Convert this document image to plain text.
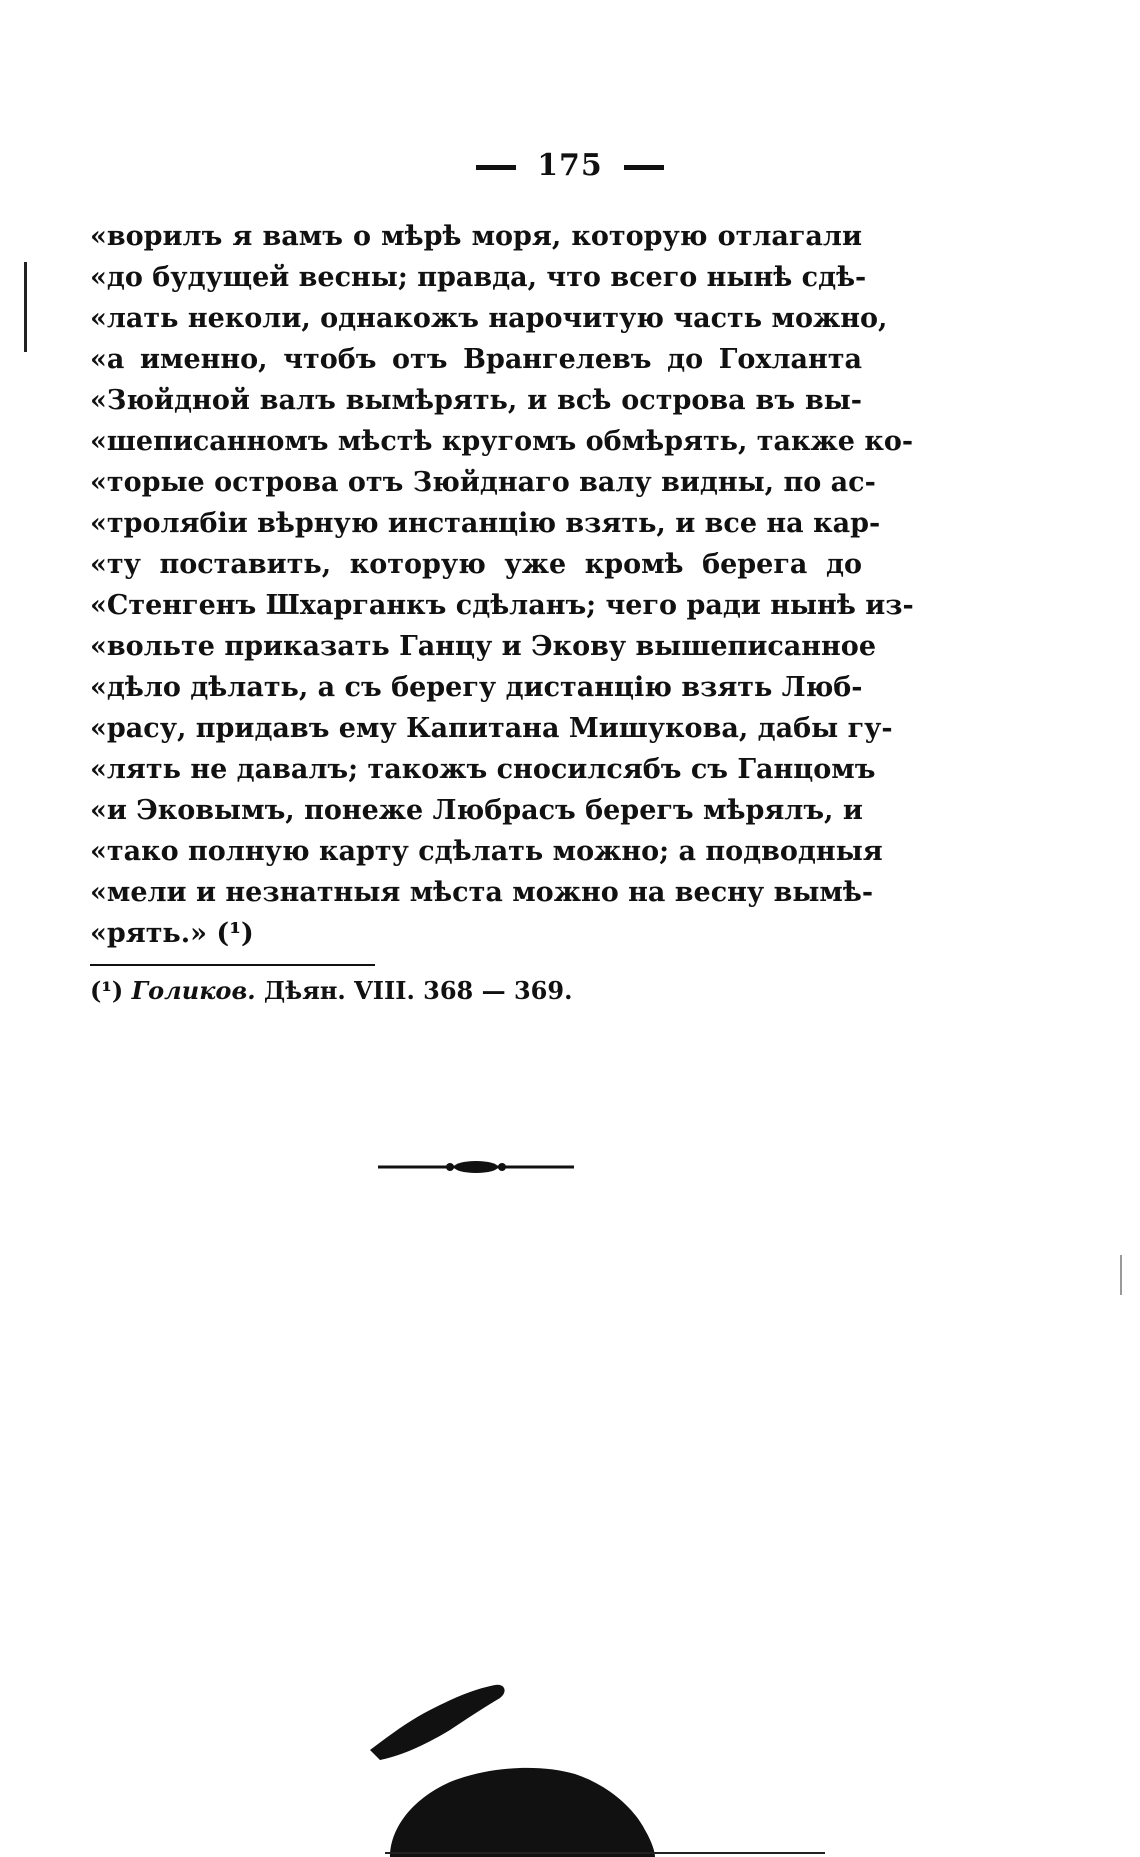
175
«ворилъ я вамъ о мѣрѣ моря, которую отлагали
«до будущей весны; правда, что всего нынѣ сдѣ-
«лать неколи, однакожъ нарочитую часть можно,
«а именно, чтобъ отъ Врангелевъ до Гохланта
«Зюйдной валъ вымѣрять, и всѣ острова въ вы-
«шеписанномъ мѣстѣ кругомъ обмѣрять, также ко-
«торые острова отъ Зюйднаго валу видны, по ас-
«тролябіи вѣрную инстанцію взять, и все на кар-
«ту поставить, которую уже кромѣ берега до
«Стенгенъ Шхарганкъ сдѣланъ; чего ради нынѣ из-
«вольте приказать Ганцу и Экову вышеписанное
«дѣло дѣлать, а съ берегу дистанцію взять Люб-
«расу, придавъ ему Капитана Мишукова, дабы гу-
«лять не давалъ; такожъ сносилсябъ съ Ганцомъ
«и Эковымъ, понеже Любрасъ берегъ мѣрялъ, и
«тако полную карту сдѣлать можно; а подводныя
«мели и незнатныя мѣста можно на весну вымѣ-
«рять.» (¹)
(¹) Голиков. Дѣян. VIII. 368 — 369.
